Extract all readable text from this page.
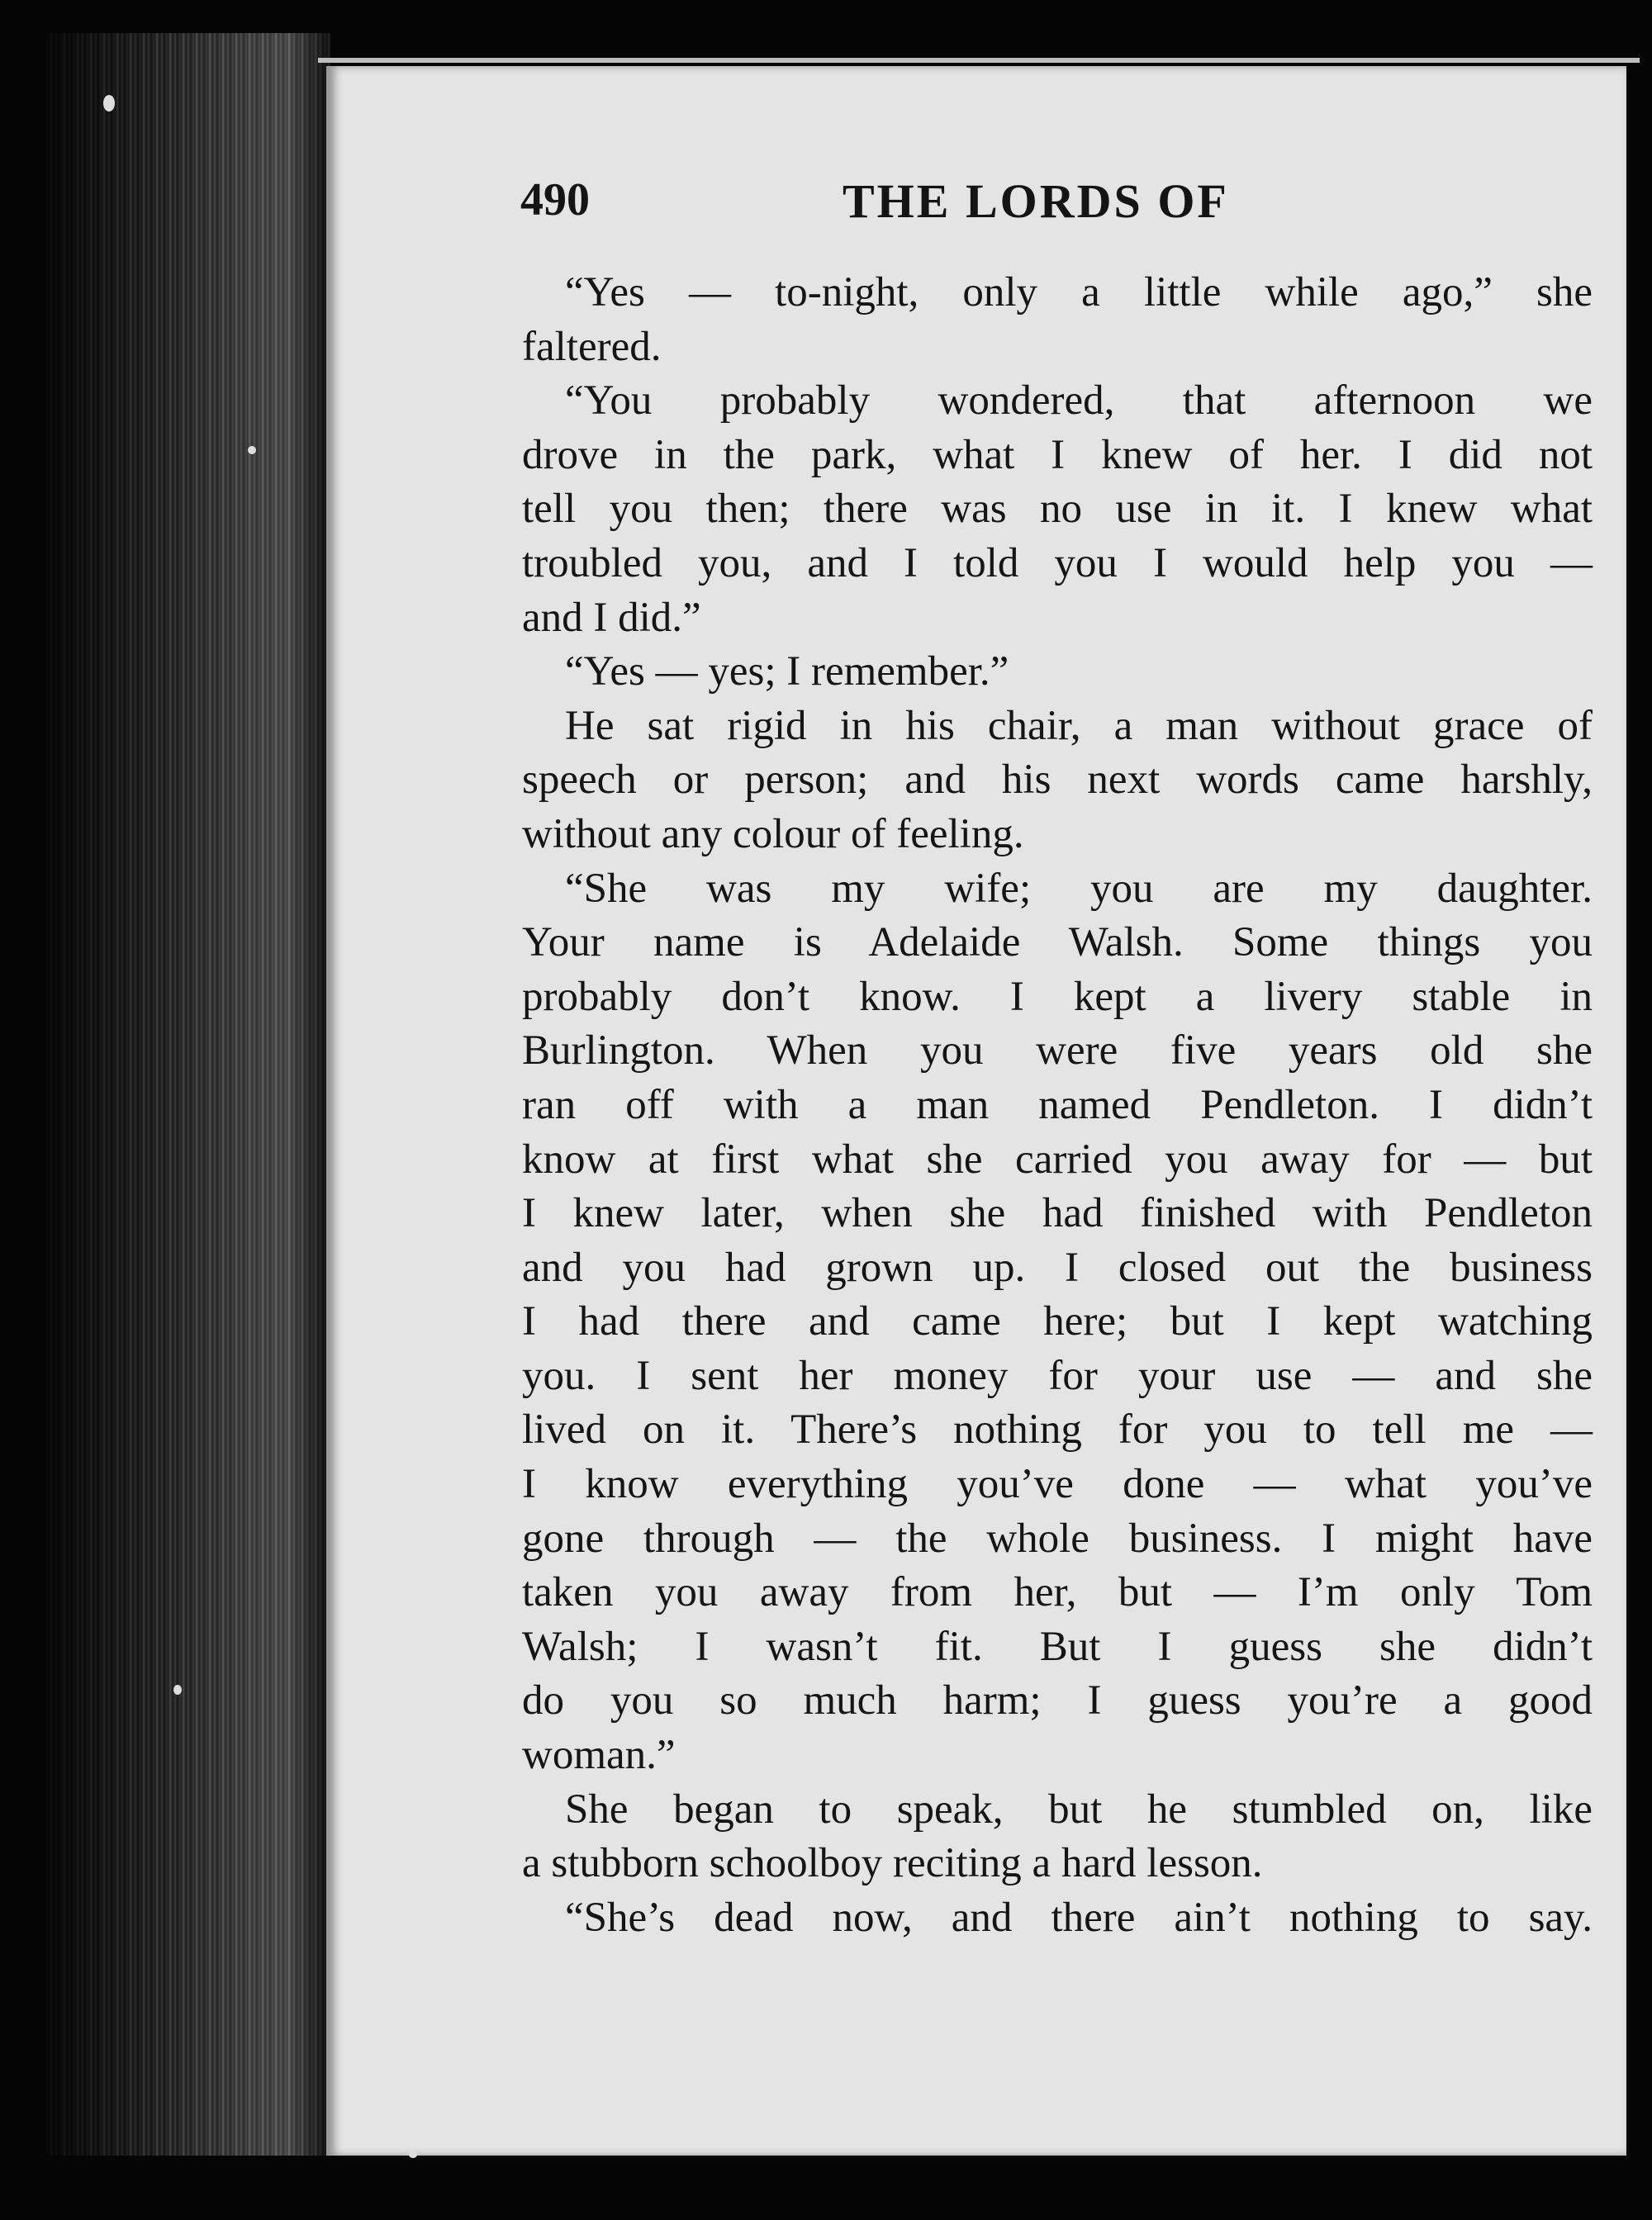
490	THE LORDS OF
“Yes — to-night, only a little while ago,” she
faltered.
“You probably wondered, that afternoon we
drove in the park, what I knew of her. I did not
tell you then; there was no use in it. I knew what
troubled you, and I told you I would help you —
and I did.”
“Yes — yes; I remember.”
He sat rigid in his chair, a man without grace of
speech or person; and his next words came harshly,
without any colour of feeling.
“She was my wife; you are my daughter.
Your name is Adelaide Walsh. Some things you
probably don’t know. I kept a livery stable in
Burlington. When you were five years old she
ran off with a man named Pendleton. I didn’t
know at first what she carried you away for — but
I knew later, when she had finished with Pendleton
and you had grown up. I closed out the business
I had there and came here; but I kept watching
you. I sent her money for your use — and she
lived on it. There’s nothing for you to tell me —
I know everything you’ve done — what you’ve
gone through — the whole business. I might have
taken you away from her, but — I’m only Tom
Walsh; I wasn’t fit. But I guess she didn’t
do you so much harm; I guess you’re a good
woman.”
She began to speak, but he stumbled on, like
a stubborn schoolboy reciting a hard lesson.
“She’s dead now, and there ain’t nothing to say.
